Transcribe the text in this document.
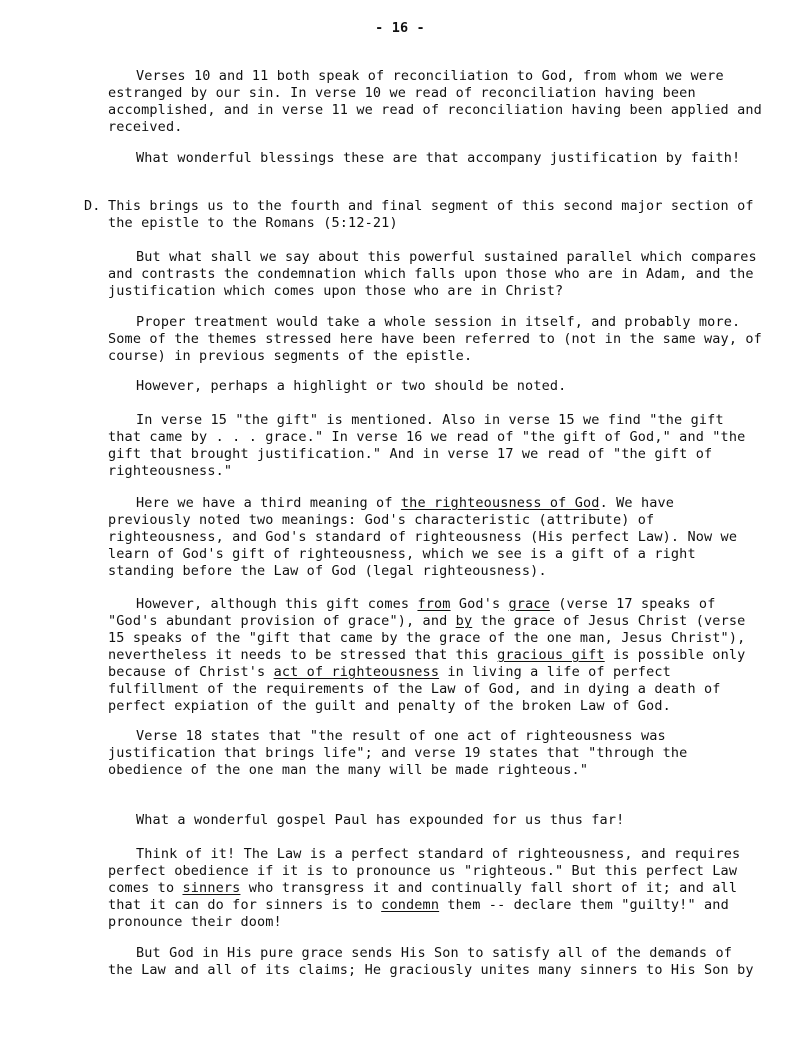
- 16 -

Verses 10 and 11 both speak of reconciliation to God, from whom we were estranged by our sin. In verse 10 we read of reconciliation having been accomplished, and in verse 11 we read of reconciliation having been applied and received.

What wonderful blessings these are that accompany justification by faith!

D. This brings us to the fourth and final segment of this second major section of the epistle to the Romans (5:12-21)

But what shall we say about this powerful sustained parallel which compares and contrasts the condemnation which falls upon those who are in Adam, and the justification which comes upon those who are in Christ?

Proper treatment would take a whole session in itself, and probably more. Some of the themes stressed here have been referred to (not in the same way, of course) in previous segments of the epistle.

However, perhaps a highlight or two should be noted.

In verse 15 "the gift" is mentioned. Also in verse 15 we find "the gift that came by . . . grace." In verse 16 we read of "the gift of God," and "the gift that brought justification." And in verse 17 we read of "the gift of righteousness."

Here we have a third meaning of the righteousness of God. We have previously noted two meanings: God's characteristic (attribute) of righteousness, and God's standard of righteousness (His perfect Law). Now we learn of God's gift of righteousness, which we see is a gift of a right standing before the Law of God (legal righteousness).

However, although this gift comes from God's grace (verse 17 speaks of "God's abundant provision of grace"), and by the grace of Jesus Christ (verse 15 speaks of the "gift that came by the grace of the one man, Jesus Christ"), nevertheless it needs to be stressed that this gracious gift is possible only because of Christ's act of righteousness in living a life of perfect fulfillment of the requirements of the Law of God, and in dying a death of perfect expiation of the guilt and penalty of the broken Law of God.

Verse 18 states that "the result of one act of righteousness was justification that brings life"; and verse 19 states that "through the obedience of the one man the many will be made righteous."

What a wonderful gospel Paul has expounded for us thus far!

Think of it! The Law is a perfect standard of righteousness, and requires perfect obedience if it is to pronounce us "righteous." But this perfect Law comes to sinners who transgress it and continually fall short of it; and all that it can do for sinners is to condemn them -- declare them "guilty!" and pronounce their doom!

But God in His pure grace sends His Son to satisfy all of the demands of the Law and all of its claims; He graciously unites many sinners to His Son by
